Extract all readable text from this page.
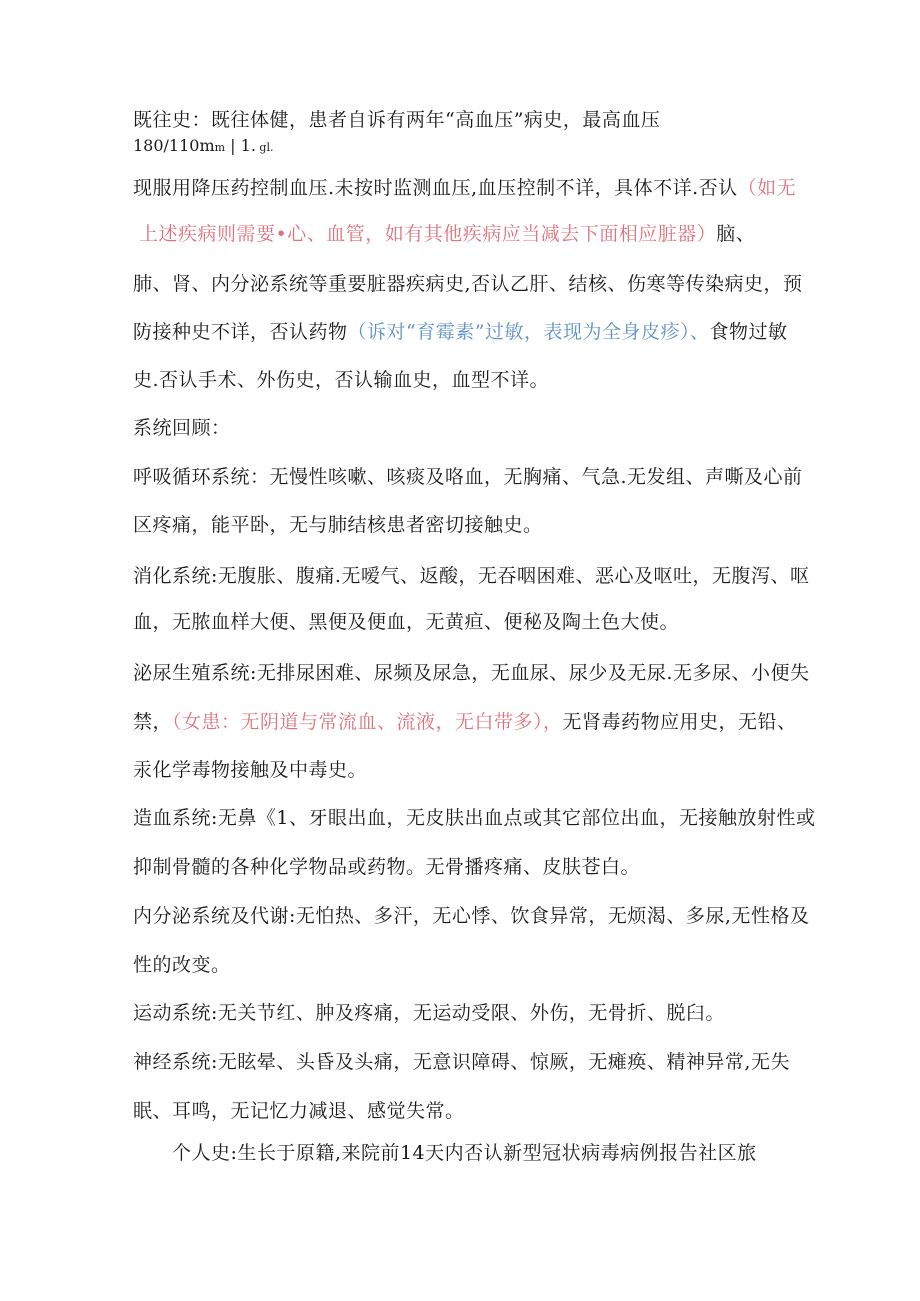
既往史：既往体健，患者自诉有两年“高血压”病史，最高血压
180/110mm | 1. gl.
现服用降压药控制血压.未按时监测血压,血压控制不详，具体不详.否认（如无
上述疾病则需要•心、血管，如有其他疾病应当减去下面相应脏器）脑、
肺、肾、内分泌系统等重要脏器疾病史,否认乙肝、结核、伤寒等传染病史，预
防接种史不详，否认药物（诉对“育霉素”过敏，表现为全身皮疹）、食物过敏
史.否认手术、外伤史，否认输血史，血型不详。
系统回顾：
呼吸循环系统：无慢性咳嗽、咳痰及咯血，无胸痛、气急.无发组、声嘶及心前
区疼痛，能平卧，无与肺结核患者密切接触史。
消化系统:无腹胀、腹痛.无嗳气、返酸，无吞咽困难、恶心及呕吐，无腹泻、呕
血，无脓血样大便、黑便及便血，无黄疸、便秘及陶土色大使。
泌尿生殖系统:无排尿困难、尿频及尿急，无血尿、尿少及无尿.无多尿、小便失
禁，（女患：无阴道与常流血、流液，无白带多），无肾毒药物应用史，无铅、
汞化学毒物接触及中毒史。
造血系统:无鼻《1、牙眼出血，无皮肤出血点或其它部位出血，无接触放射性或
抑制骨髓的各种化学物品或药物。无骨播疼痛、皮肤苍白。
内分泌系统及代谢:无怕热、多汗，无心悸、饮食异常，无烦渴、多尿,无性格及
性的改变。
运动系统:无关节红、肿及疼痛，无运动受限、外伤，无骨折、脱臼。
神经系统:无眩晕、头昏及头痛，无意识障碍、惊厥，无瘫痪、精神异常,无失
眠、耳鸣，无记忆力减退、感觉失常。
个人史:生长于原籍,来院前14天内否认新型冠状病毒病例报告社区旅
